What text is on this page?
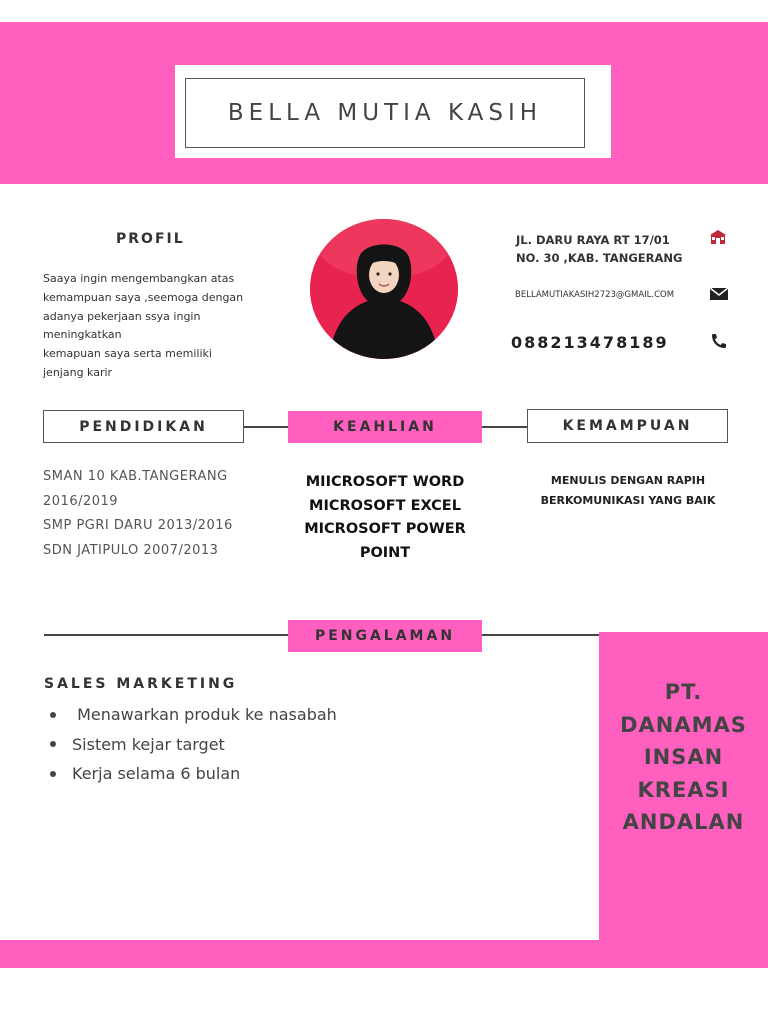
BELLA MUTIA KASIH
PROFIL
Saaya ingin mengembangkan atas
kemampuan saya ,seemoga dengan
adanya pekerjaan ssya ingin
meningkatkan
kemapuan saya serta memiliki
jenjang karir
JL. DARU RAYA RT 17/01
NO. 30 ,KAB. TANGERANG
BELLAMUTIAKASIH2723@GMAIL.COM
088213478189
PENDIDIKAN	KEAHLIAN	KEMAMPUAN
SMAN 10 KAB.TANGERANG
2016/2019
SMP PGRI DARU 2013/2016
SDN JATIPULO 2007/2013
MIICROSOFT WORD
MICROSOFT EXCEL
MICROSOFT POWER
POINT
MENULIS DENGAN RAPIH
BERKOMUNIKASI YANG BAIK
PENGALAMAN
SALES MARKETING
Menawarkan produk ke nasabah
Sistem kejar target
Kerja selama 6 bulan
PT.
DANAMAS
INSAN
KREASI
ANDALAN
